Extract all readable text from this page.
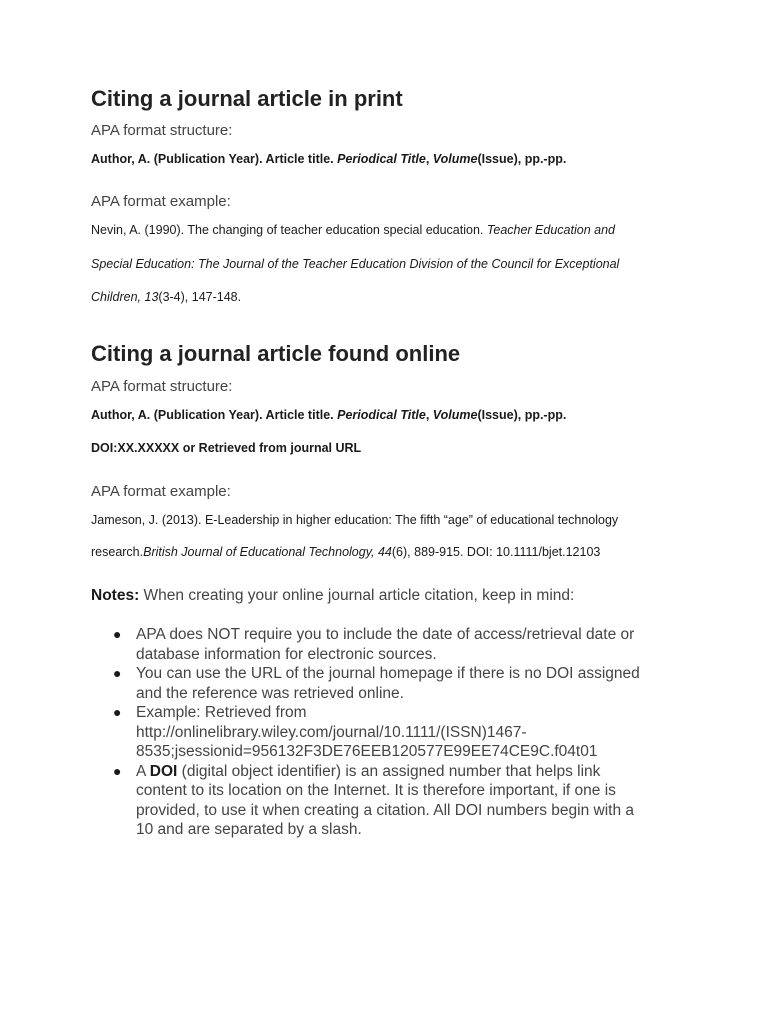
Citing a journal article in print
APA format structure:
Author, A. (Publication Year). Article title. Periodical Title, Volume(Issue), pp.-pp.
APA format example:
Nevin, A. (1990). The changing of teacher education special education. Teacher Education and
Special Education: The Journal of the Teacher Education Division of the Council for Exceptional
Children, 13(3-4), 147-148.
Citing a journal article found online
APA format structure:
Author, A. (Publication Year). Article title. Periodical Title, Volume(Issue), pp.-pp.
DOI:XX.XXXXX or Retrieved from journal URL
APA format example:
Jameson, J. (2013). E-Leadership in higher education: The fifth “age” of educational technology
research.British Journal of Educational Technology, 44(6), 889-915. DOI: 10.1111/bjet.12103
Notes: When creating your online journal article citation, keep in mind:
● APA does NOT require you to include the date of access/retrieval date or
database information for electronic sources.
● You can use the URL of the journal homepage if there is no DOI assigned
and the reference was retrieved online.
● Example: Retrieved from
http://onlinelibrary.wiley.com/journal/10.1111/(ISSN)1467-
8535;jsessionid=956132F3DE76EEB120577E99EE74CE9C.f04t01
● A DOI (digital object identifier) is an assigned number that helps link
content to its location on the Internet. It is therefore important, if one is
provided, to use it when creating a citation. All DOI numbers begin with a
10 and are separated by a slash.
